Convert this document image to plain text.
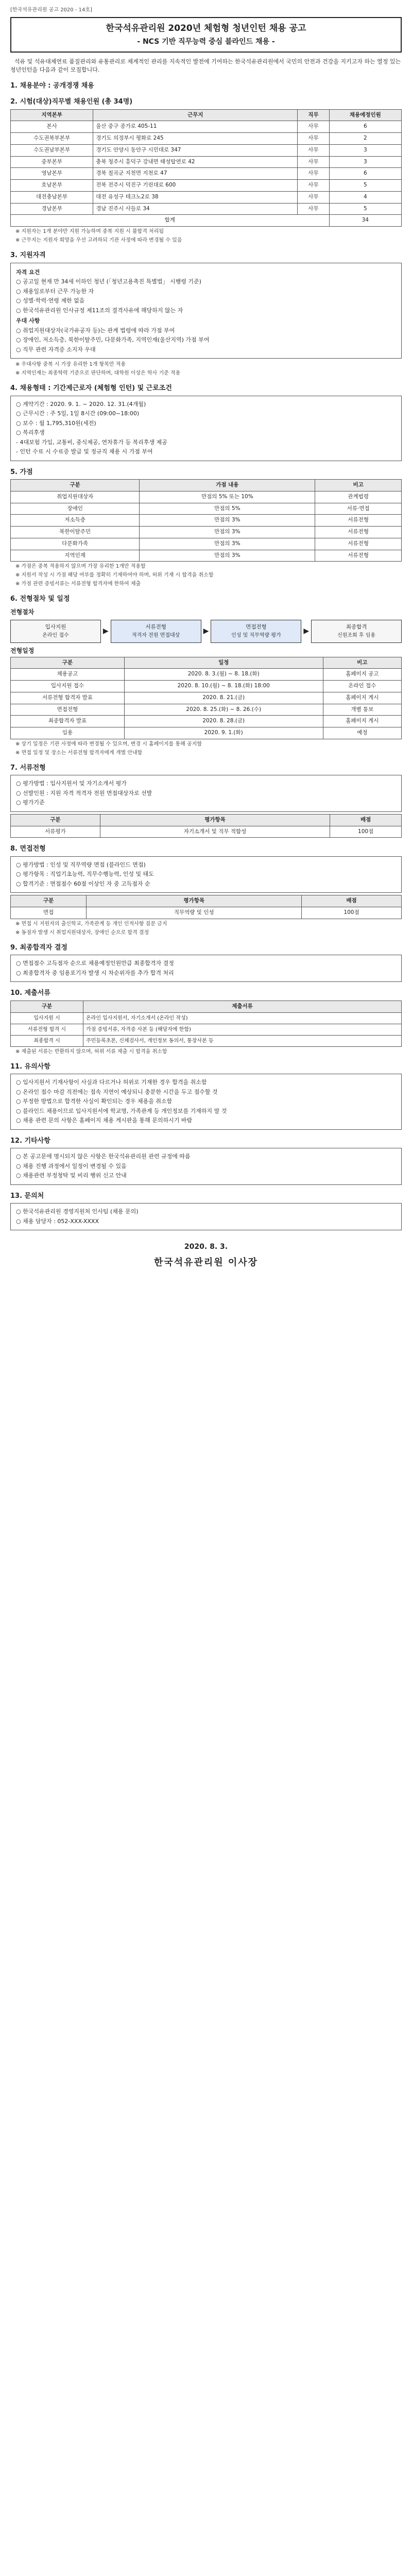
[한국석유관리원 공고 2020 - 14호]
한국석유관리원 2020년 체험형 청년인턴 채용 공고
- NCS 기반 직무능력 중심 블라인드 채용 -

석유 및 석유대체연료 품질관리와 유통관리로 체계적인 관리를 지속적인 발전에 기여하는 한국석유관리원에서 국민의 안전과 건강을 지키고자 하는 열정 있는 청년인턴을 다음과 같이 모집합니다.

1. 채용분야 : 공개경쟁 채용
2. 시험(대상)직무별 채용인원 (총 34명)
지역본부	근무지	직무	채용예정인원
본사	울산 중구 종가로 405-11	사무	6
수도권북부본부	경기도 의정부시 평화로 245	사무	2
수도권남부본부	경기도 안양시 동안구 시민대로 347	사무	3
중부본부	충북 청주시 흥덕구 강내면 태성탑연로 42	사무	3
영남본부	경북 칠곡군 지천면 지천로 47	사무	6
호남본부	전북 전주시 덕진구 기린대로 600	사무	5
대전충남본부	대전 유성구 테크노2로 38	사무	4
경남본부	경남 진주시 사들로 34	사무	5
합계			34
※ 지원자는 1개 분야만 지원 가능하며 중복 지원 시 불합격 처리됨
※ 근무지는 지원자 희망을 우선 고려하되 기관 사정에 따라 변경될 수 있음
3. 지원자격

자격 요건

○ 공고일 현재 만 34세 이하인 청년 (「청년고용촉진 특별법」 시행령 기준)

○ 채용일로부터 근무 가능한 자

○ 성별·학력·연령 제한 없음

○ 한국석유관리원 인사규정 제11조의 결격사유에 해당하지 않는 자

우대 사항

○ 취업지원대상자(국가유공자 등)는 관계 법령에 따라 가점 부여

○ 장애인, 저소득층, 북한이탈주민, 다문화가족, 지역인재(울산지역) 가점 부여

○ 직무 관련 자격증 소지자 우대

※ 우대사항 중복 시 가장 유리한 1개 항목만 적용
※ 지역인재는 최종학력 기준으로 판단하며, 대학원 이상은 학사 기준 적용
4. 채용형태 : 기간제근로자 (체험형 인턴) 및 근로조건

○ 계약기간 : 2020. 9. 1. ~ 2020. 12. 31.(4개월)

○ 근무시간 : 주 5일, 1일 8시간 (09:00~18:00)

○ 보수 : 월 1,795,310원(세전)

○ 복리후생

- 4대보험 가입, 교통비, 중식제공, 연차휴가 등 복리후생 제공

- 인턴 수료 시 수료증 발급 및 정규직 채용 시 가점 부여

5. 가점
구분	가점 내용	비고
취업지원대상자	만점의 5% 또는 10%	관계법령
장애인	만점의 5%	서류·면접
저소득층	만점의 3%	서류전형
북한이탈주민	만점의 3%	서류전형
다문화가족	만점의 3%	서류전형
지역인재	만점의 3%	서류전형
※ 가점은 중복 적용하지 않으며 가장 유리한 1개만 적용함
※ 지원서 작성 시 가점 해당 여부를 정확히 기재하여야 하며, 허위 기재 시 합격을 취소함
※ 가점 관련 증빙서류는 서류전형 합격자에 한하여 제출
6. 전형절차 및 일정
전형절차
입사지원
온라인 접수
▶	서류전형
적격자 전원 면접대상
▶	면접전형
인성 및 직무역량 평가
▶	최종합격
신원조회 후 임용
전형일정
구분	일정	비고
채용공고	2020. 8. 3.(월) ~ 8. 18.(화)	홈페이지 공고
입사지원 접수	2020. 8. 10.(월) ~ 8. 18.(화) 18:00	온라인 접수
서류전형 합격자 발표	2020. 8. 21.(금)	홈페이지 게시
면접전형	2020. 8. 25.(화) ~ 8. 26.(수)	개별 통보
최종합격자 발표	2020. 8. 28.(금)	홈페이지 게시
임용	2020. 9. 1.(화)	예정
※ 상기 일정은 기관 사정에 따라 변경될 수 있으며, 변경 시 홈페이지를 통해 공지함
※ 면접 일정 및 장소는 서류전형 합격자에게 개별 안내함
7. 서류전형

○ 평가방법 : 입사지원서 및 자기소개서 평가

○ 선발인원 : 지원 자격 적격자 전원 면접대상자로 선발

○ 평가기준

구분	평가항목	배점
서류평가	자기소개서 및 직무 적합성	100점
8. 면접전형

○ 평가방법 : 인성 및 직무역량 면접 (블라인드 면접)

○ 평가항목 : 직업기초능력, 직무수행능력, 인성 및 태도

○ 합격기준 : 면접점수 60점 이상인 자 중 고득점자 순

구분	평가항목	배점
면접	직무역량 및 인성	100점
※ 면접 시 지원자의 출신학교, 가족관계 등 개인 인적사항 질문 금지
※ 동점자 발생 시 취업지원대상자, 장애인 순으로 합격 결정
9. 최종합격자 결정

○ 면접점수 고득점자 순으로 채용예정인원만큼 최종합격자 결정

○ 최종합격자 중 임용포기자 발생 시 차순위자를 추가 합격 처리

10. 제출서류
구분	제출서류
입사지원 시	온라인 입사지원서, 자기소개서 (온라인 작성)
서류전형 합격 시	가점 증빙서류, 자격증 사본 등 (해당자에 한함)
최종합격 시	주민등록초본, 신체검사서, 개인정보 동의서, 통장사본 등
※ 제출된 서류는 반환하지 않으며, 허위 서류 제출 시 합격을 취소함
11. 유의사항

○ 입사지원서 기재사항이 사실과 다르거나 허위로 기재한 경우 합격을 취소함

○ 온라인 접수 마감 직전에는 접속 지연이 예상되니 충분한 시간을 두고 접수할 것

○ 부정한 방법으로 합격한 사실이 확인되는 경우 채용을 취소함

○ 블라인드 채용이므로 입사지원서에 학교명, 가족관계 등 개인정보를 기재하지 말 것

○ 채용 관련 문의 사항은 홈페이지 채용 게시판을 통해 문의하시기 바람

12. 기타사항

○ 본 공고문에 명시되지 않은 사항은 한국석유관리원 관련 규정에 따름

○ 채용 진행 과정에서 일정이 변경될 수 있음

○ 채용관련 부정청탁 및 비리 행위 신고 안내

13. 문의처

○ 한국석유관리원 경영지원처 인사팀 (채용 문의)

○ 채용 담당자 : 052-XXX-XXXX

2020. 8. 3.
한국석유관리원 이사장
